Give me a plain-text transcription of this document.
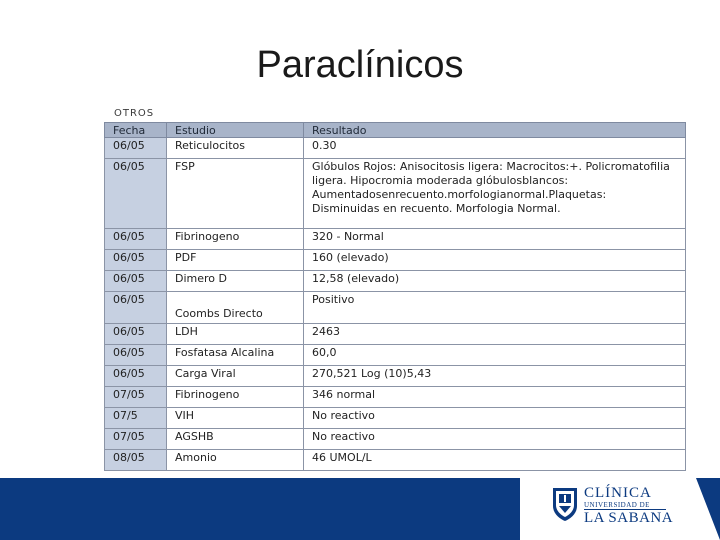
Paraclínicos
OTROS
Fecha	Estudio	Resultado
06/05	Reticulocitos	0.30
06/05	FSP	Glóbulos Rojos: Anisocitosis ligera: Macrocitos:+. Policromatofilia ligera. Hipocromia moderada glóbulosblancos: Aumentadosenrecuento.morfologianormal.Plaquetas: Disminuidas en recuento. Morfologia Normal.
06/05	Fibrinogeno	320 - Normal
06/05	PDF	160 (elevado)
06/05	Dimero D	12,58 (elevado)
06/05	Coombs Directo	Positivo
06/05	LDH	2463
06/05	Fosfatasa Alcalina	60,0
06/05	Carga Viral	270,521 Log (10)5,43
07/05	Fibrinogeno	346 normal
07/5	VIH	No reactivo
07/05	AGSHB	No reactivo
08/05	Amonio	46 UMOL/L
CLÍNICA
UNIVERSIDAD DE
LA SABANA
